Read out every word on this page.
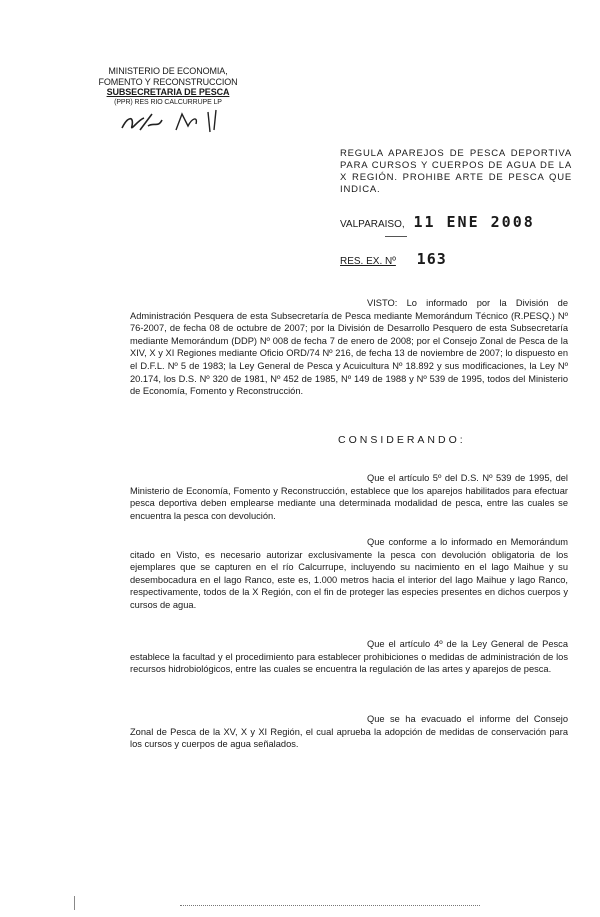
MINISTERIO DE ECONOMIA,
FOMENTO Y RECONSTRUCCION
SUBSECRETARIA DE PESCA
(PPR) RES RIO CALCURRUPE LP
REGULA APAREJOS DE PESCA DEPORTIVA PARA CURSOS Y CUERPOS DE AGUA DE LA X REGIÓN. PROHIBE ARTE DE PESCA QUE INDICA.
VALPARAISO, 11 ENE 2008
RES. EX. Nº 163
VISTO: Lo informado por la División de Administración Pesquera de esta Subsecretaría de Pesca mediante Memorándum Técnico (R.PESQ.) Nº 76-2007, de fecha 08 de octubre de 2007; por la División de Desarrollo Pesquero de esta Subsecretaría mediante Memorándum (DDP) Nº 008 de fecha 7 de enero de 2008; por el Consejo Zonal de Pesca de la XIV, X y XI Regiones mediante Oficio ORD/74 Nº 216, de fecha 13 de noviembre de 2007; lo dispuesto en el D.F.L. Nº 5 de 1983; la Ley General de Pesca y Acuicultura Nº 18.892 y sus modificaciones, la Ley Nº 20.174, los D.S. Nº 320 de 1981, Nº 452 de 1985, Nº 149 de 1988 y Nº 539 de 1995, todos del Ministerio de Economía, Fomento y Reconstrucción.
CONSIDERANDO:
Que el artículo 5º del D.S. Nº 539 de 1995, del Ministerio de Economía, Fomento y Reconstrucción, establece que los aparejos habilitados para efectuar pesca deportiva deben emplearse mediante una determinada modalidad de pesca, entre las cuales se encuentra la pesca con devolución.
Que conforme a lo informado en Memorándum citado en Visto, es necesario autorizar exclusivamente la pesca con devolución obligatoria de los ejemplares que se capturen en el río Calcurrupe, incluyendo su nacimiento en el lago Maihue y su desembocadura en el lago Ranco, este es, 1.000 metros hacia el interior del lago Maihue y lago Ranco, respectivamente, todos de la X Región, con el fin de proteger las especies presentes en dichos cuerpos y cursos de agua.
Que el artículo 4º de la Ley General de Pesca establece la facultad y el procedimiento para establecer prohibiciones o medidas de administración de los recursos hidrobiológicos, entre las cuales se encuentra la regulación de las artes y aparejos de pesca.
Que se ha evacuado el informe del Consejo Zonal de Pesca de la XV, X y XI Región, el cual aprueba la adopción de medidas de conservación para los cursos y cuerpos de agua señalados.
